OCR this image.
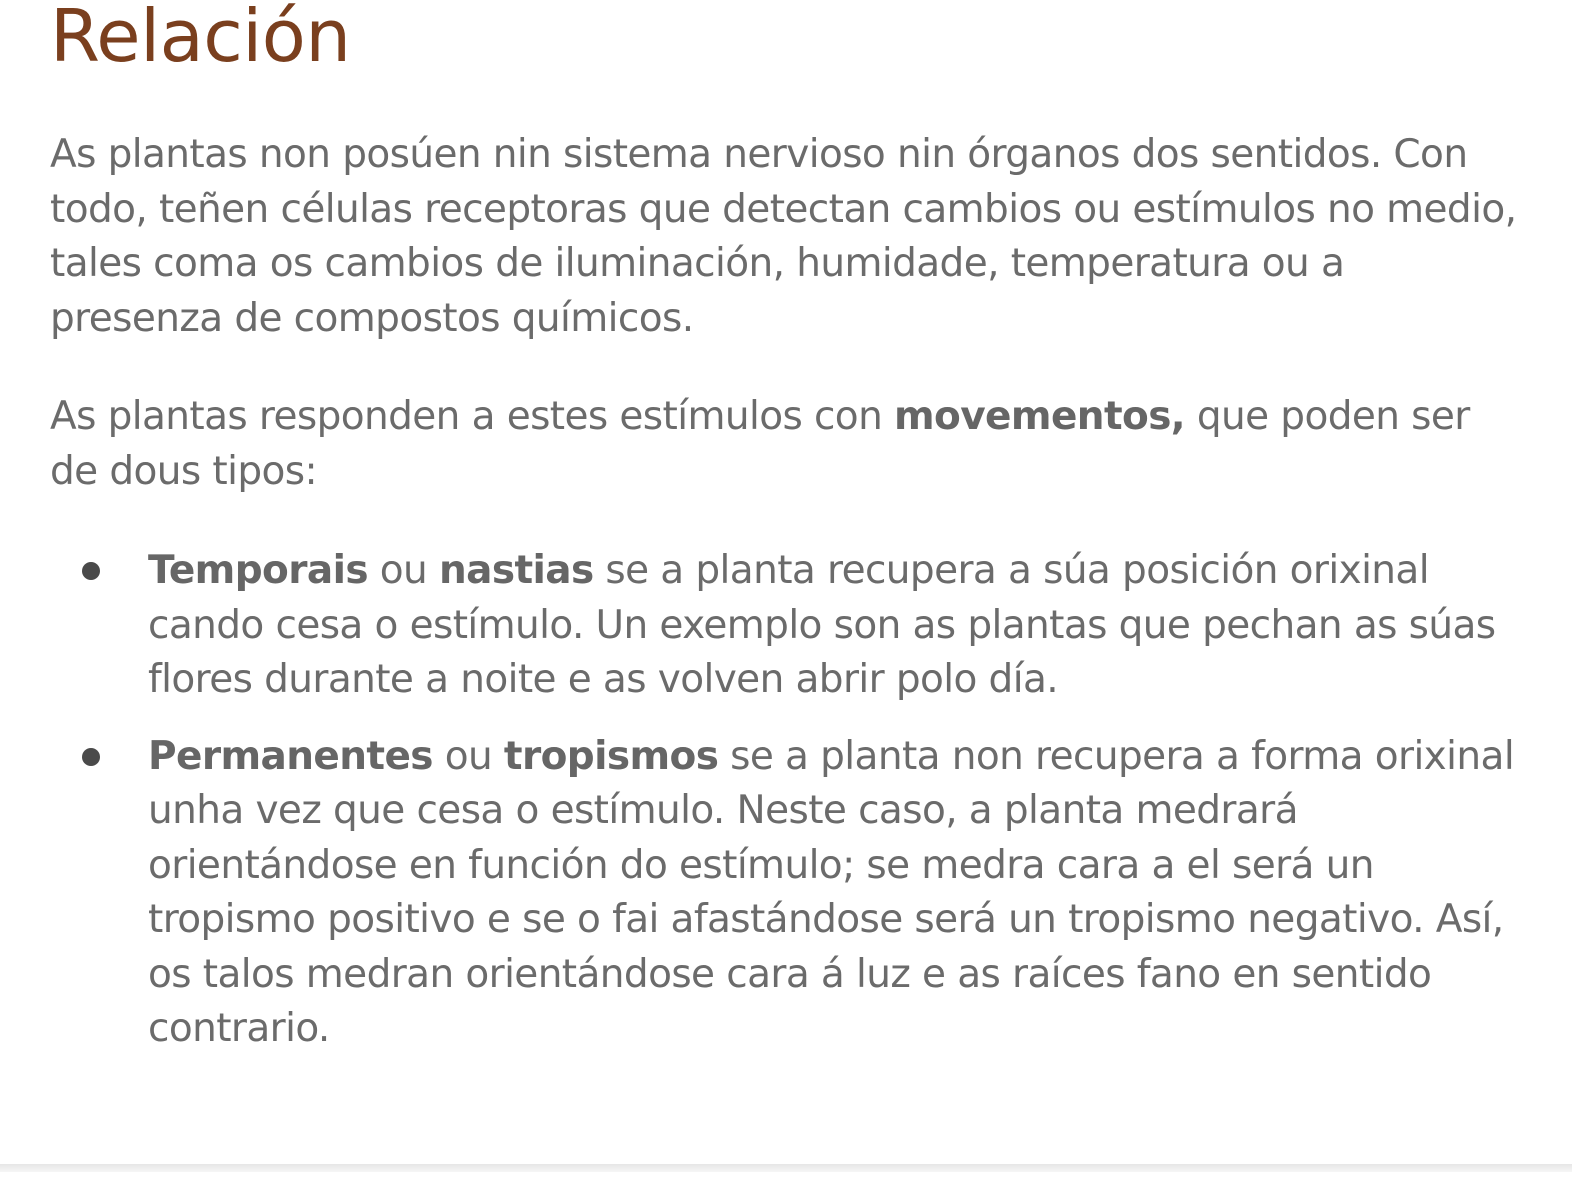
Relación

As plantas non posúen nin sistema nervioso nin órganos dos sentidos. Con todo, teñen células receptoras que detectan cambios ou estímulos no medio, tales coma os cambios de iluminación, humidade, temperatura ou a presenza de compostos químicos.

As plantas responden a estes estímulos con movementos, que poden ser de dous tipos:

Temporais ou nastias se a planta recupera a súa posición orixinal cando cesa o estímulo. Un exemplo son as plantas que pechan as súas flores durante a noite e as volven abrir polo día.
Permanentes ou tropismos se a planta non recupera a forma orixinal unha vez que cesa o estímulo. Neste caso, a planta medrará orientándose en función do estímulo; se medra cara a el será un tropismo positivo e se o fai afastándose será un tropismo negativo. Así, os talos medran orientándose cara á luz e as raíces fano en sentido contrario.
